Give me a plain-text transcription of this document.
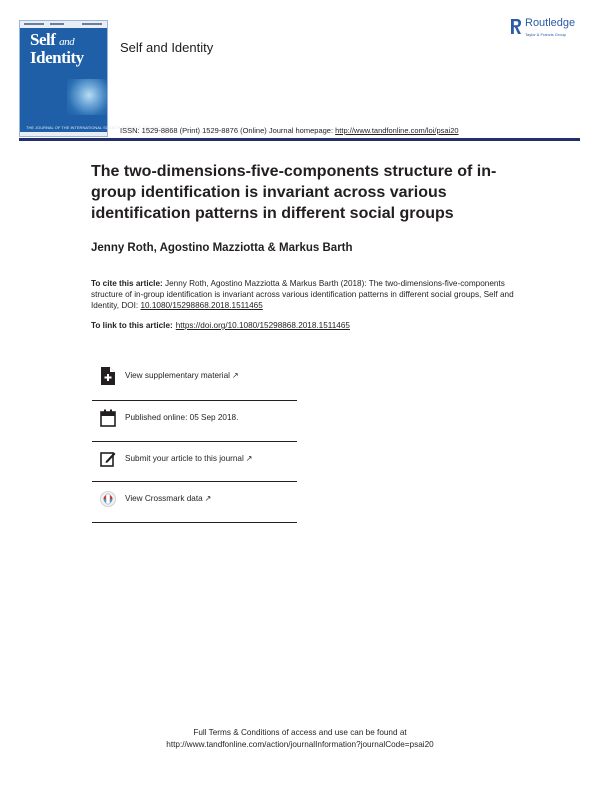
Self and
Identity
THE JOURNAL OF THE INTERNATIONAL SOCIETY FOR SELF AND IDENTITY
Self and Identity
Routledge
Taylor & Francis Group
ISSN: 1529-8868 (Print) 1529-8876 (Online) Journal homepage: http://www.tandfonline.com/loi/psai20
The two-dimensions-five-components structure of in-group identification is invariant across various identification patterns in different social groups
Jenny Roth, Agostino Mazziotta & Markus Barth
To cite this article: Jenny Roth, Agostino Mazziotta & Markus Barth (2018): The two-dimensions-five-components structure of in-group identification is invariant across various identification patterns in different social groups, Self and Identity, DOI: 10.1080/15298868.2018.1511465
To link to this article: https://doi.org/10.1080/15298868.2018.1511465
View supplementary material ↗
Published online: 05 Sep 2018.
Submit your article to this journal ↗
View Crossmark data ↗
Full Terms & Conditions of access and use can be found at
http://www.tandfonline.com/action/journalInformation?journalCode=psai20
